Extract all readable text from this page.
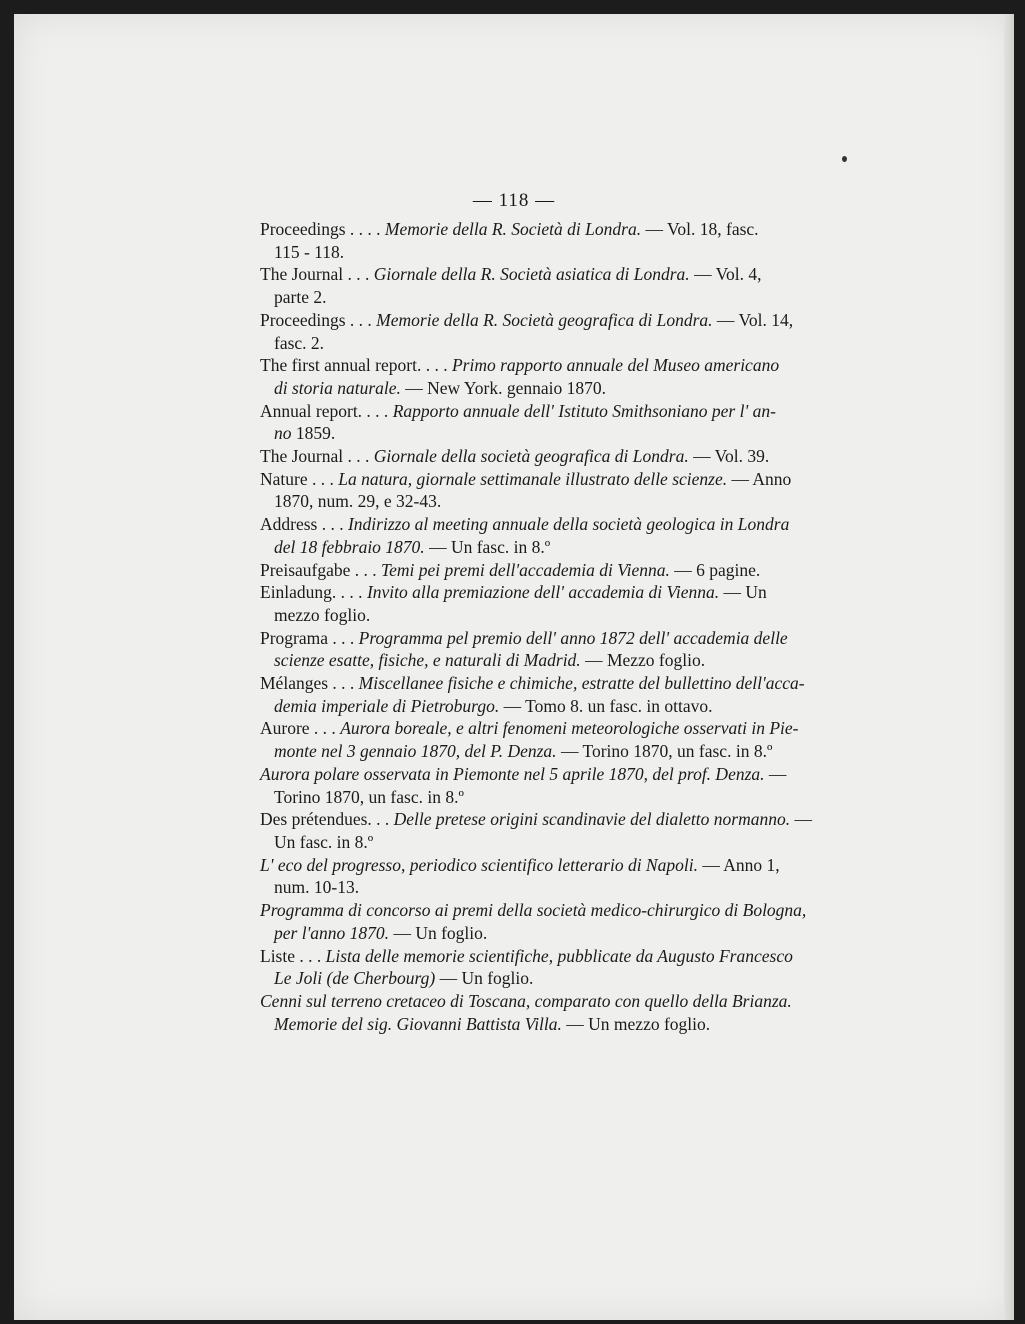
— 118 —
Proceedings . . . . Memorie della R. Società di Londra. — Vol. 18, fasc.
115 - 118.
The Journal . . . Giornale della R. Società asiatica di Londra. — Vol. 4,
parte 2.
Proceedings . . . Memorie della R. Società geografica di Londra. — Vol. 14,
fasc. 2.
The first annual report. . . . Primo rapporto annuale del Museo americano
di storia naturale. — New York. gennaio 1870.
Annual report. . . . Rapporto annuale dell' Istituto Smithsoniano per l' an-
no 1859.
The Journal . . . Giornale della società geografica di Londra. — Vol. 39.
Nature . . . La natura, giornale settimanale illustrato delle scienze. — Anno
1870, num. 29, e 32-43.
Address . . . Indirizzo al meeting annuale della società geologica in Londra
del 18 febbraio 1870. — Un fasc. in 8.º
Preisaufgabe . . . Temi pei premi dell'accademia di Vienna. — 6 pagine.
Einladung. . . . Invito alla premiazione dell' accademia di Vienna. — Un
mezzo foglio.
Programa . . . Programma pel premio dell' anno 1872 dell' accademia delle
scienze esatte, fisiche, e naturali di Madrid. — Mezzo foglio.
Mélanges . . . Miscellanee fisiche e chimiche, estratte del bullettino dell'acca-
demia imperiale di Pietroburgo. — Tomo 8. un fasc. in ottavo.
Aurore . . . Aurora boreale, e altri fenomeni meteorologiche osservati in Pie-
monte nel 3 gennaio 1870, del P. Denza. — Torino 1870, un fasc. in 8.º
Aurora polare osservata in Piemonte nel 5 aprile 1870, del prof. Denza. —
Torino 1870, un fasc. in 8.º
Des prétendues. . . Delle pretese origini scandinavie del dialetto normanno. —
Un fasc. in 8.º
L' eco del progresso, periodico scientifico letterario di Napoli. — Anno 1,
num. 10-13.
Programma di concorso ai premi della società medico-chirurgico di Bologna,
per l'anno 1870. — Un foglio.
Liste . . . Lista delle memorie scientifiche, pubblicate da Augusto Francesco
Le Joli (de Cherbourg) — Un foglio.
Cenni sul terreno cretaceo di Toscana, comparato con quello della Brianza.
Memorie del sig. Giovanni Battista Villa. — Un mezzo foglio.
